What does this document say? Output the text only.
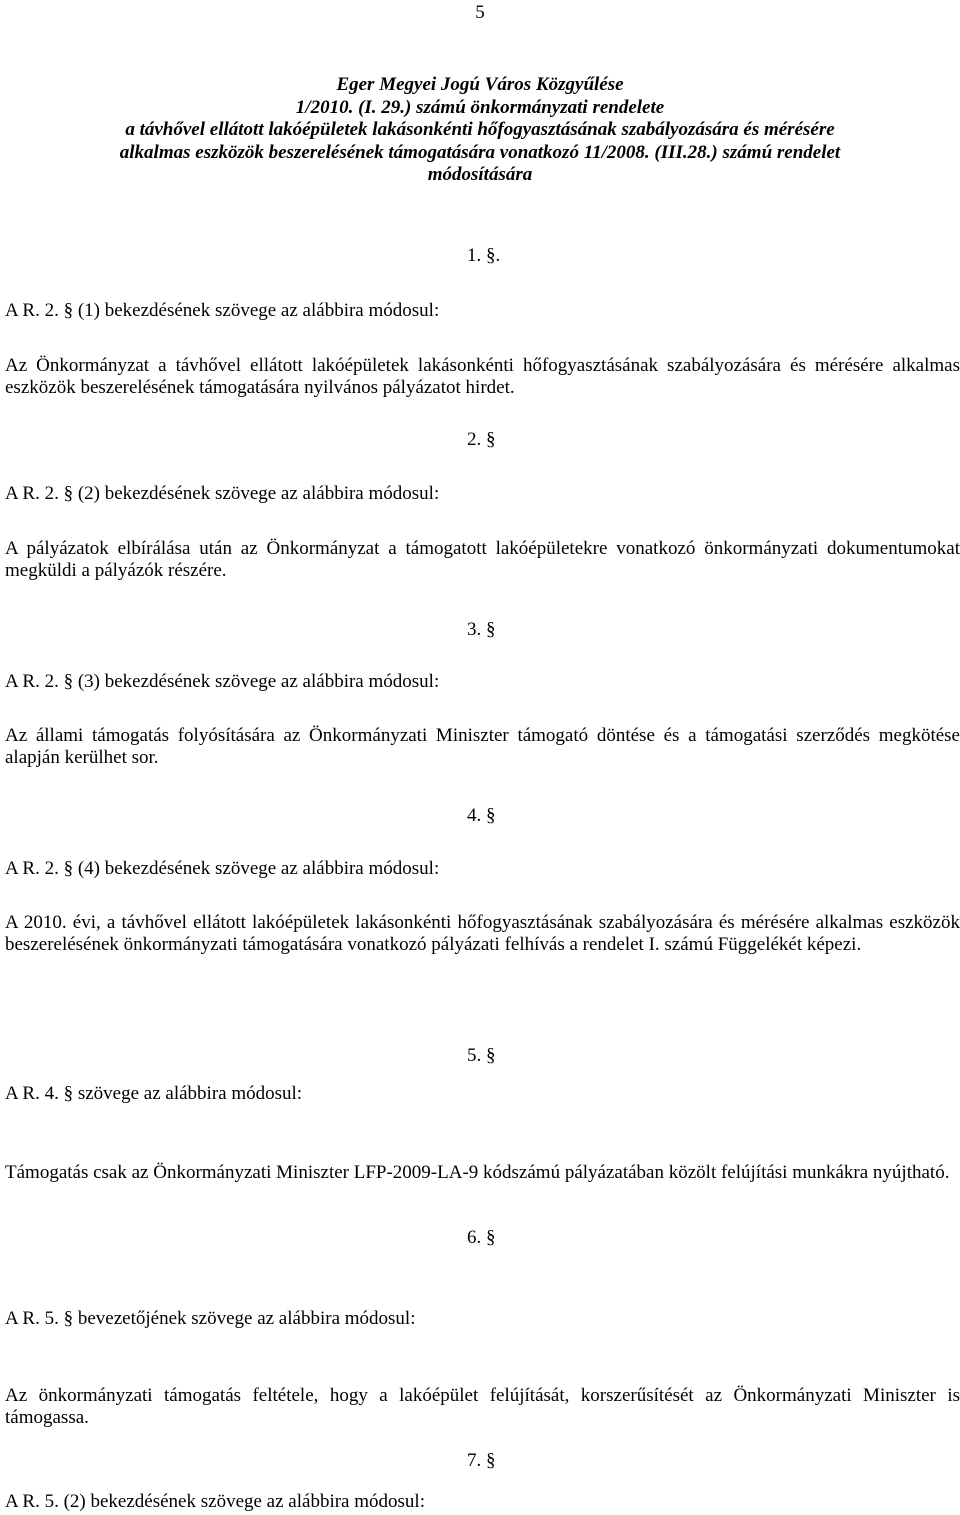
5
Eger Megyei Jogú Város Közgyűlése
1/2010. (I. 29.) számú önkormányzati rendelete
a távhővel ellátott lakóépületek lakásonkénti hőfogyasztásának szabályozására és mérésére
alkalmas eszközök beszerelésének támogatására vonatkozó 11/2008. (III.28.) számú rendelet
módosítására
1. §.
A R. 2. § (1) bekezdésének szövege az alábbira módosul:
Az Önkormányzat a távhővel ellátott lakóépületek lakásonkénti hőfogyasztásának szabályozására és mérésére alkalmas eszközök beszerelésének támogatására nyilvános pályázatot hirdet.
2. §
A R. 2. § (2) bekezdésének szövege az alábbira módosul:
A pályázatok elbírálása után az Önkormányzat a támogatott lakóépületekre vonatkozó önkormányzati dokumentumokat megküldi a pályázók részére.
3. §
A R. 2. § (3) bekezdésének szövege az alábbira módosul:
Az állami támogatás folyósítására az Önkormányzati Miniszter támogató döntése és a támogatási szerződés megkötése alapján kerülhet sor.
4. §
A R. 2. § (4) bekezdésének szövege az alábbira módosul:
A 2010. évi, a távhővel ellátott lakóépületek lakásonkénti hőfogyasztásának szabályozására és mérésére alkalmas eszközök beszerelésének önkormányzati támogatására vonatkozó pályázati felhívás a rendelet I. számú Függelékét képezi.
5. §
A R. 4. § szövege az alábbira módosul:
Támogatás csak az Önkormányzati Miniszter LFP-2009-LA-9 kódszámú pályázatában közölt felújítási munkákra nyújtható.
6. §
A R. 5. § bevezetőjének szövege az alábbira módosul:
Az önkormányzati támogatás feltétele, hogy a lakóépület felújítását, korszerűsítését az Önkormányzati Miniszter is támogassa.
7. §
A R. 5. (2) bekezdésének szövege az alábbira módosul:
